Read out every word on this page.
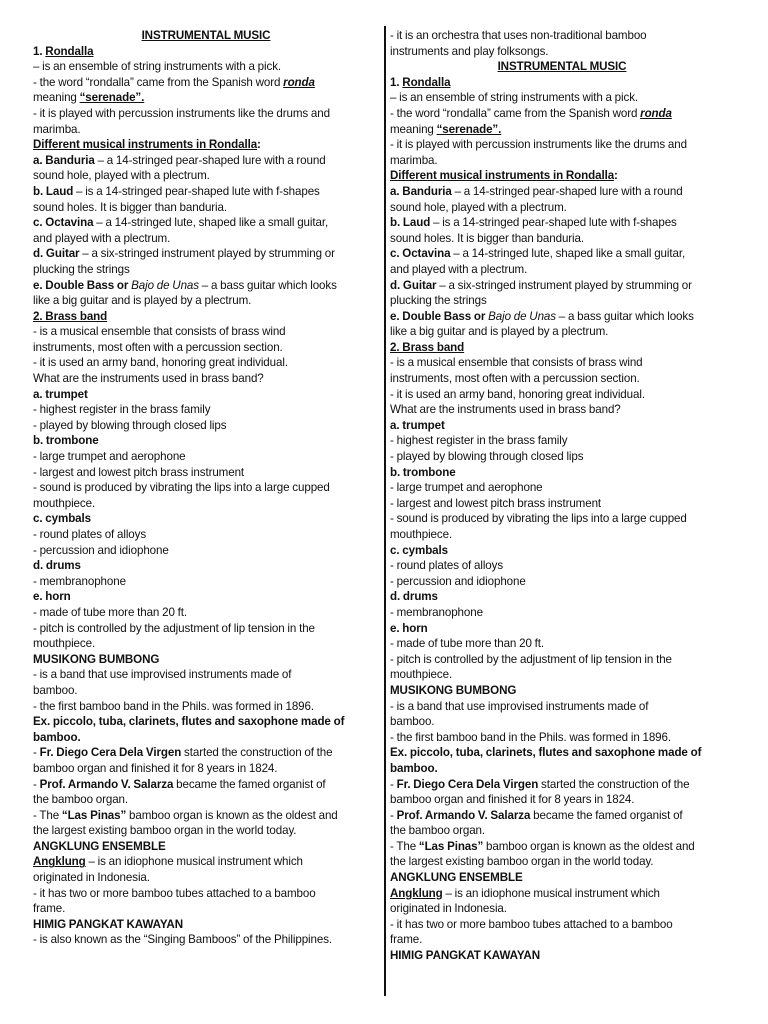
INSTRUMENTAL MUSIC
1. Rondalla
– is an ensemble of string instruments with a pick.
- the word “rondalla” came from the Spanish word ronda
meaning “serenade”.
- it is played with percussion instruments like the drums and
marimba.
Different musical instruments in Rondalla:
a. Banduria – a 14-stringed pear-shaped lure with a round
sound hole, played with a plectrum.
b. Laud – is a 14-stringed pear-shaped lute with f-shapes
sound holes. It is bigger than banduria.
c. Octavina – a 14-stringed lute, shaped like a small guitar,
and played with a plectrum.
d. Guitar – a six-stringed instrument played by strumming or
plucking the strings
e. Double Bass or Bajo de Unas – a bass guitar which looks
like a big guitar and is played by a plectrum.
2. Brass band
- is a musical ensemble that consists of brass wind
instruments, most often with a percussion section.
- it is used an army band, honoring great individual.
What are the instruments used in brass band?
a. trumpet
- highest register in the brass family
- played by blowing through closed lips
b. trombone
- large trumpet and aerophone
- largest and lowest pitch brass instrument
- sound is produced by vibrating the lips into a large cupped
mouthpiece.
c. cymbals
- round plates of alloys
- percussion and idiophone
d. drums
- membranophone
e. horn
- made of tube more than 20 ft.
- pitch is controlled by the adjustment of lip tension in the
mouthpiece.
MUSIKONG BUMBONG
- is a band that use improvised instruments made of
bamboo.
- the first bamboo band in the Phils. was formed in 1896.
Ex. piccolo, tuba, clarinets, flutes and saxophone made of
bamboo.
- Fr. Diego Cera Dela Virgen started the construction of the
bamboo organ and finished it for 8 years in 1824.
- Prof. Armando V. Salarza became the famed organist of
the bamboo organ.
- The “Las Pinas” bamboo organ is known as the oldest and
the largest existing bamboo organ in the world today.
ANGKLUNG ENSEMBLE
Angklung – is an idiophone musical instrument which
originated in Indonesia.
- it has two or more bamboo tubes attached to a bamboo
frame.
HIMIG PANGKAT KAWAYAN
- is also known as the “Singing Bamboos” of the Philippines.
- it is an orchestra that uses non-traditional bamboo
instruments and play folksongs.
INSTRUMENTAL MUSIC
1. Rondalla
– is an ensemble of string instruments with a pick.
- the word “rondalla” came from the Spanish word ronda
meaning “serenade”.
- it is played with percussion instruments like the drums and
marimba.
Different musical instruments in Rondalla:
a. Banduria – a 14-stringed pear-shaped lure with a round
sound hole, played with a plectrum.
b. Laud – is a 14-stringed pear-shaped lute with f-shapes
sound holes. It is bigger than banduria.
c. Octavina – a 14-stringed lute, shaped like a small guitar,
and played with a plectrum.
d. Guitar – a six-stringed instrument played by strumming or
plucking the strings
e. Double Bass or Bajo de Unas – a bass guitar which looks
like a big guitar and is played by a plectrum.
2. Brass band
- is a musical ensemble that consists of brass wind
instruments, most often with a percussion section.
- it is used an army band, honoring great individual.
What are the instruments used in brass band?
a. trumpet
- highest register in the brass family
- played by blowing through closed lips
b. trombone
- large trumpet and aerophone
- largest and lowest pitch brass instrument
- sound is produced by vibrating the lips into a large cupped
mouthpiece.
c. cymbals
- round plates of alloys
- percussion and idiophone
d. drums
- membranophone
e. horn
- made of tube more than 20 ft.
- pitch is controlled by the adjustment of lip tension in the
mouthpiece.
MUSIKONG BUMBONG
- is a band that use improvised instruments made of
bamboo.
- the first bamboo band in the Phils. was formed in 1896.
Ex. piccolo, tuba, clarinets, flutes and saxophone made of
bamboo.
- Fr. Diego Cera Dela Virgen started the construction of the
bamboo organ and finished it for 8 years in 1824.
- Prof. Armando V. Salarza became the famed organist of
the bamboo organ.
- The “Las Pinas” bamboo organ is known as the oldest and
the largest existing bamboo organ in the world today.
ANGKLUNG ENSEMBLE
Angklung – is an idiophone musical instrument which
originated in Indonesia.
- it has two or more bamboo tubes attached to a bamboo
frame.
HIMIG PANGKAT KAWAYAN
